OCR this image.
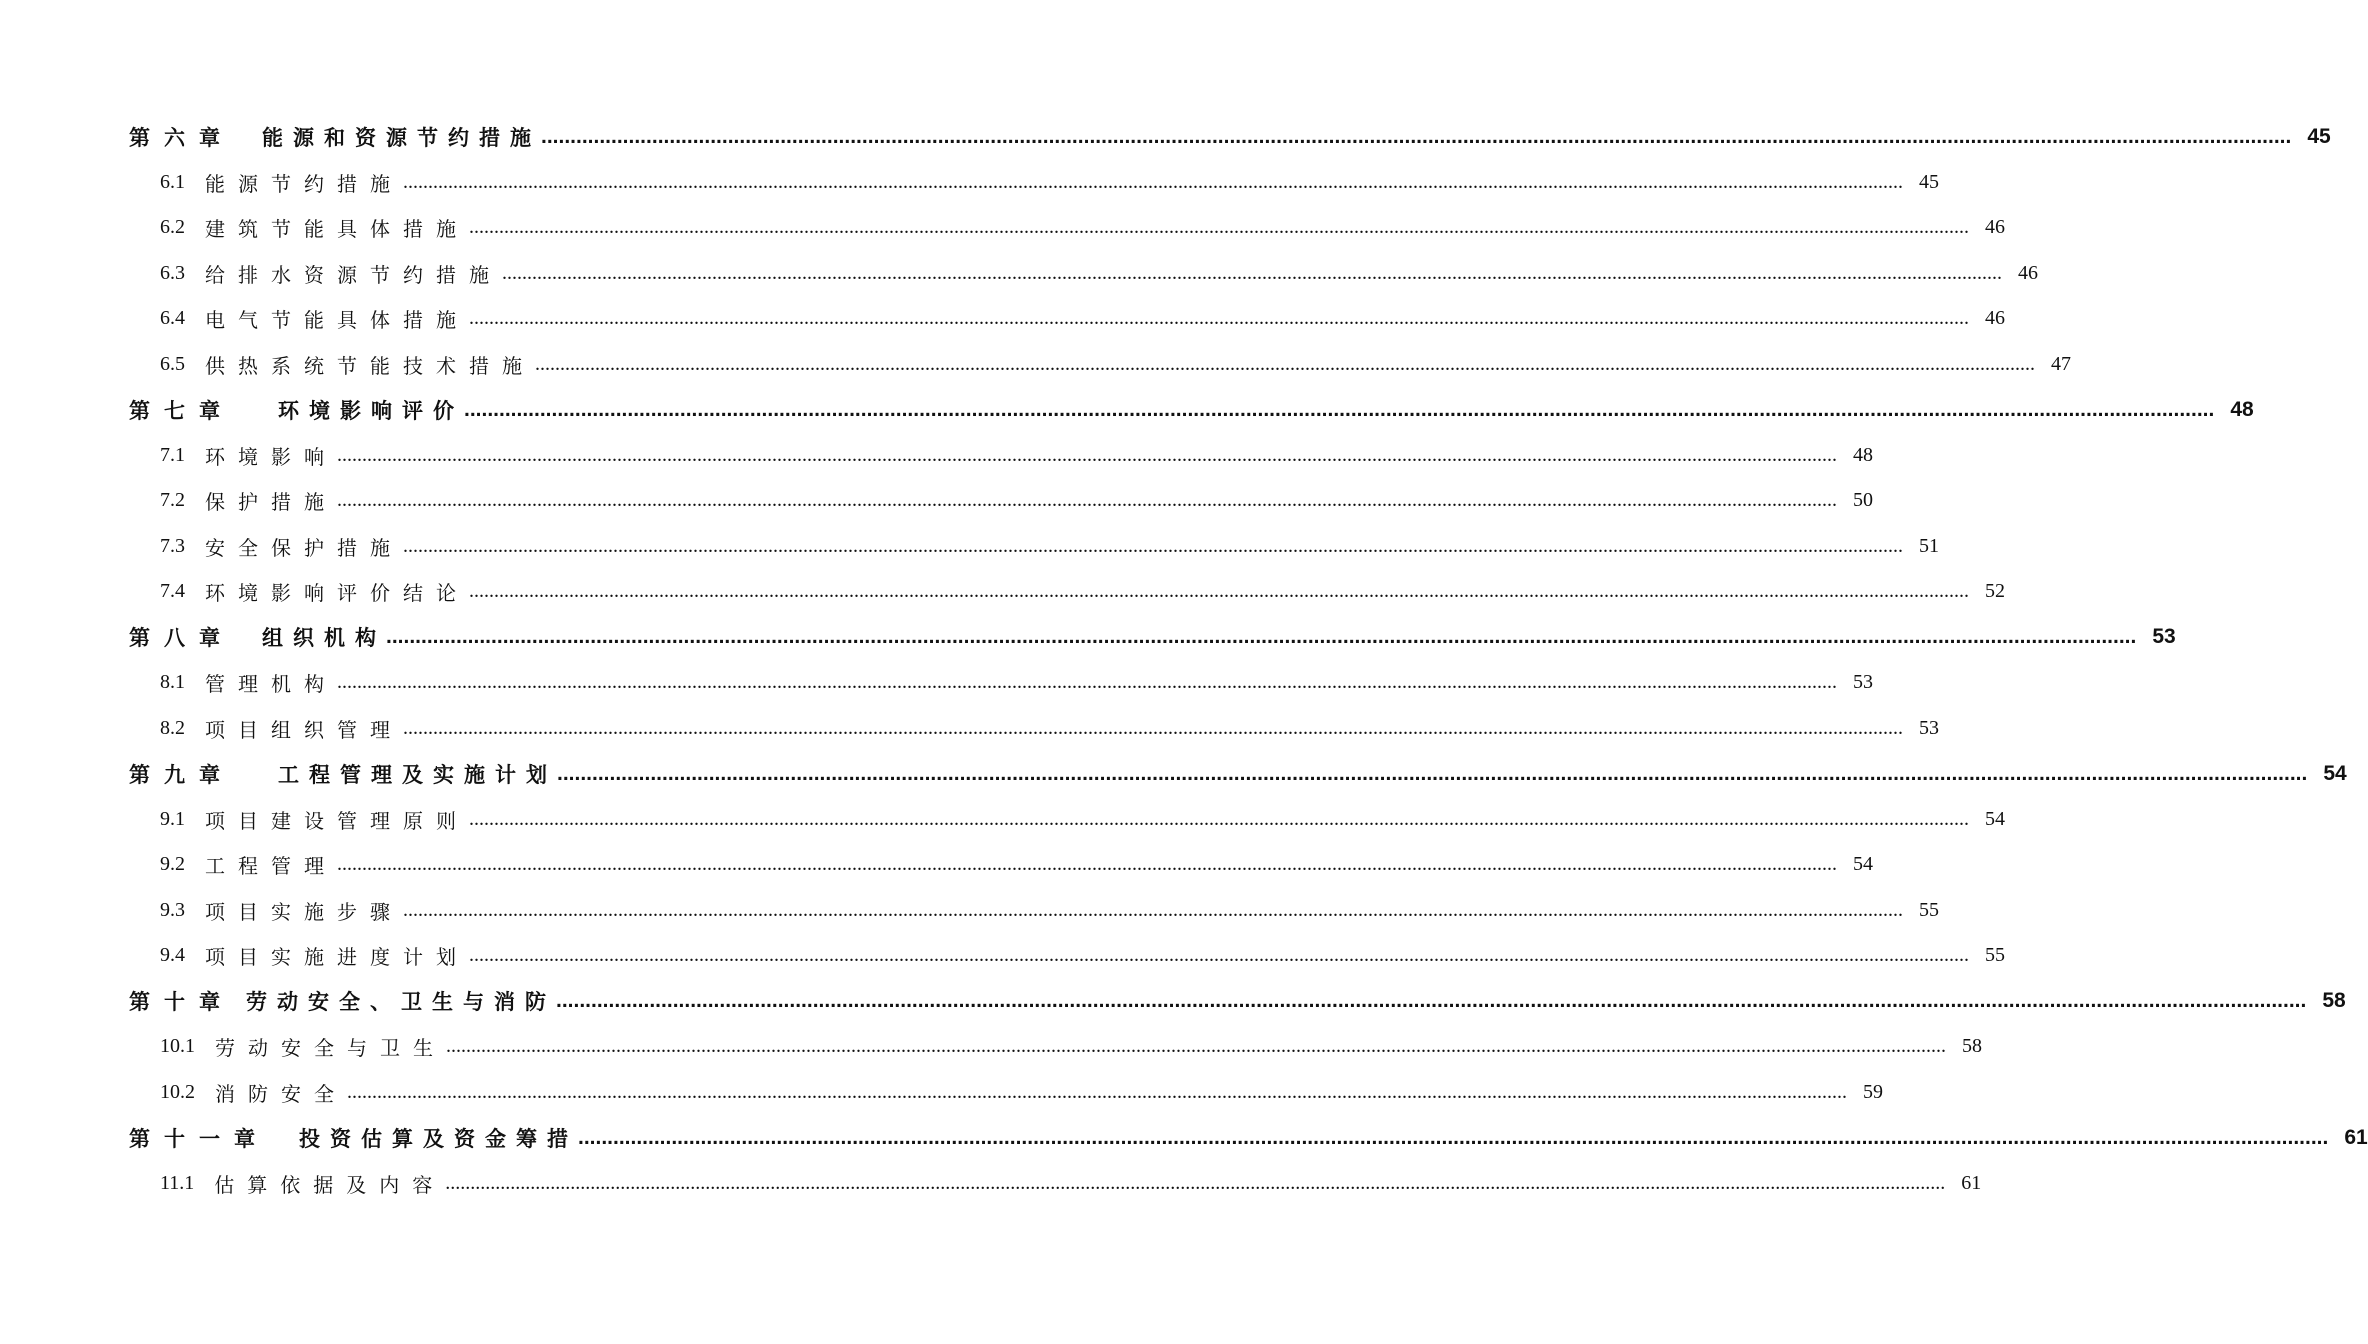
第六章 能源和资源节约措施 ............................................................................................................................................................................................................................................................................................................ 45
6.1 能源节约措施 ............................................................................................................................................................................................................................................................................................................ 45
6.2 建筑节能具体措施 ............................................................................................................................................................................................................................................................................................................ 46
6.3 给排水资源节约措施 ............................................................................................................................................................................................................................................................................................................ 46
6.4 电气节能具体措施 ............................................................................................................................................................................................................................................................................................................ 46
6.5 供热系统节能技术措施 ............................................................................................................................................................................................................................................................................................................ 47
第七章 环境影响评价 ............................................................................................................................................................................................................................................................................................................ 48
7.1 环境影响 ............................................................................................................................................................................................................................................................................................................ 48
7.2 保护措施 ............................................................................................................................................................................................................................................................................................................ 50
7.3 安全保护措施 ............................................................................................................................................................................................................................................................................................................ 51
7.4 环境影响评价结论 ............................................................................................................................................................................................................................................................................................................ 52
第八章 组织机构 ............................................................................................................................................................................................................................................................................................................ 53
8.1 管理机构 ............................................................................................................................................................................................................................................................................................................ 53
8.2 项目组织管理 ............................................................................................................................................................................................................................................................................................................ 53
第九章 工程管理及实施计划 ............................................................................................................................................................................................................................................................................................................ 54
9.1 项目建设管理原则 ............................................................................................................................................................................................................................................................................................................ 54
9.2 工程管理 ............................................................................................................................................................................................................................................................................................................ 54
9.3 项目实施步骤 ............................................................................................................................................................................................................................................................................................................ 55
9.4 项目实施进度计划 ............................................................................................................................................................................................................................................................................................................ 55
第十章 劳动安全、卫生与消防 ............................................................................................................................................................................................................................................................................................................ 58
10.1 劳动安全与卫生 ............................................................................................................................................................................................................................................................................................................ 58
10.2 消防安全 ............................................................................................................................................................................................................................................................................................................ 59
第十一章 投资估算及资金筹措 ............................................................................................................................................................................................................................................................................................................ 61
11.1 估算依据及内容 ............................................................................................................................................................................................................................................................................................................ 61
